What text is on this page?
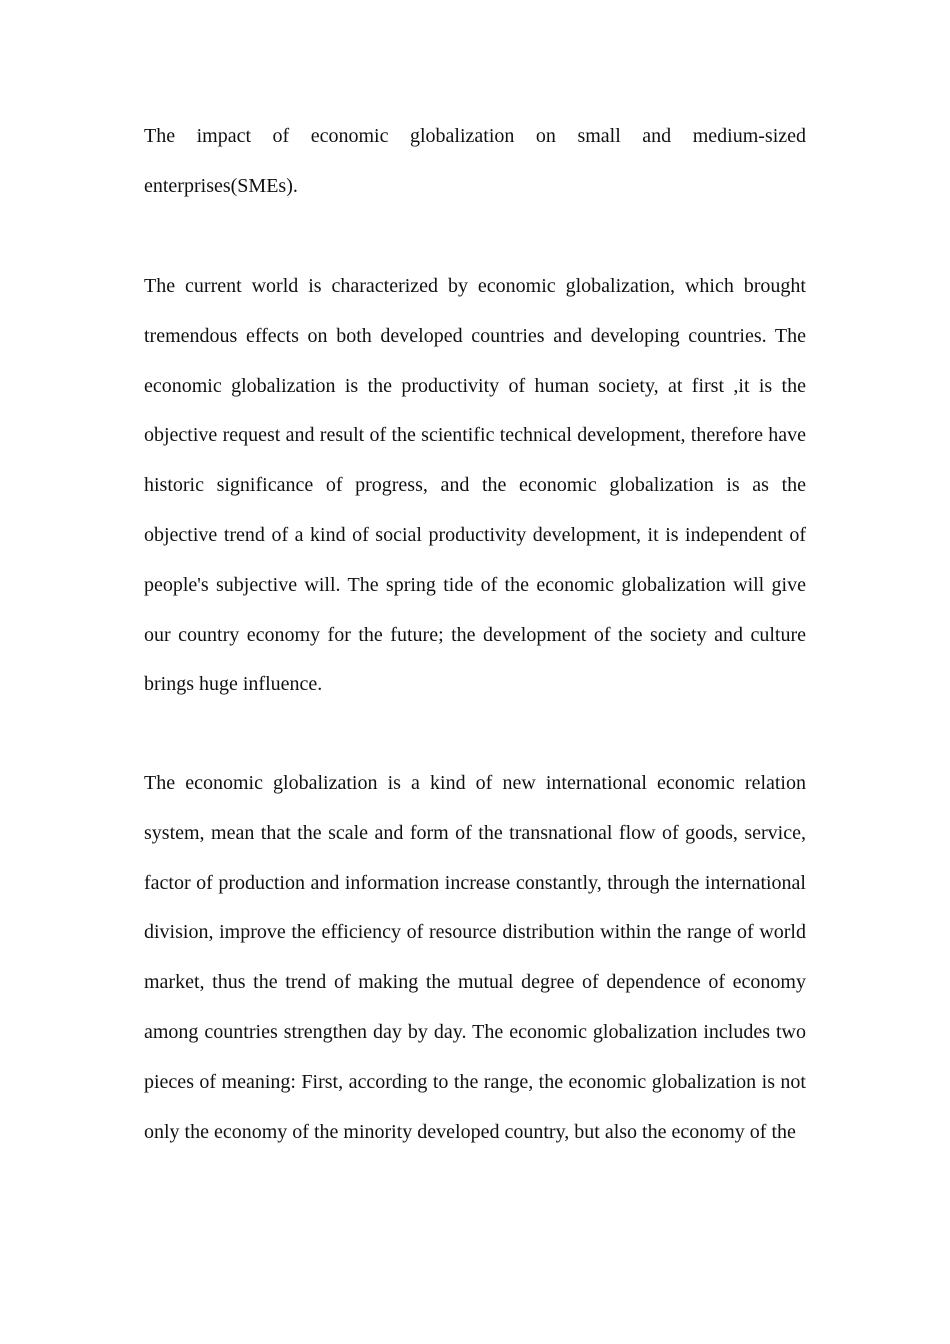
The impact of economic globalization on small and medium-sized enterprises(SMEs).

The current world is characterized by economic globalization, which brought tremendous effects on both developed countries and developing countries. The economic globalization is the productivity of human society, at first ,it is the objective request and result of the scientific technical development, therefore have historic significance of progress, and the economic globalization is as the objective trend of a kind of social productivity development, it is independent of people's subjective will. The spring tide of the economic globalization will give our country economy for the future; the development of the society and culture brings huge influence.

The economic globalization is a kind of new international economic relation system, mean that the scale and form of the transnational flow of goods, service, factor of production and information increase constantly, through the international division, improve the efficiency of resource distribution within the range of world market, thus the trend of making the mutual degree of dependence of economy among countries strengthen day by day. The economic globalization includes two pieces of meaning: First, according to the range, the economic globalization is not only the economy of the minority developed country, but also the economy of the
